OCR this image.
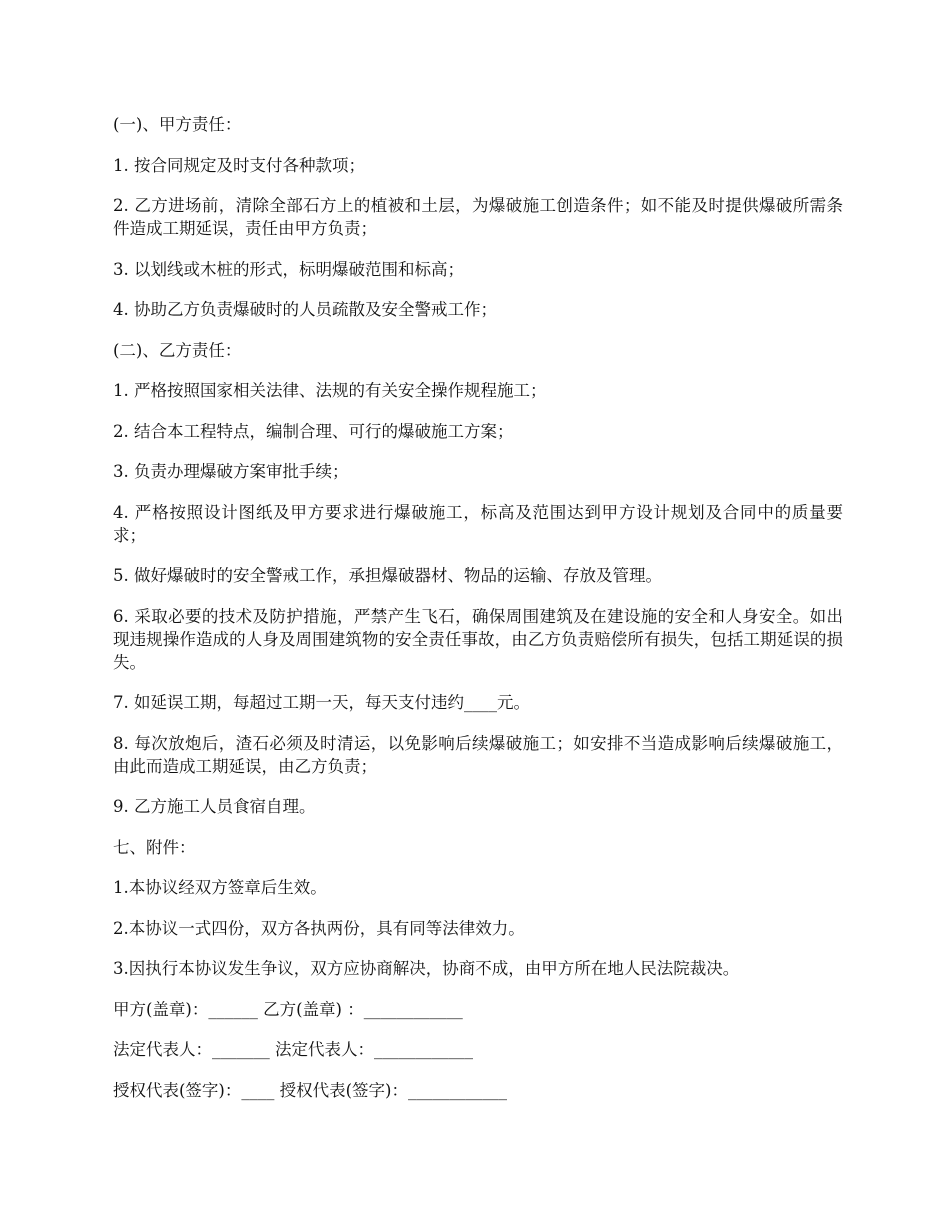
(一)、甲方责任：

1. 按合同规定及时支付各种款项；

2. 乙方进场前，清除全部石方上的植被和土层，为爆破施工创造条件；如不能及时提供爆破所需条件造成工期延误，责任由甲方负责；

3. 以划线或木桩的形式，标明爆破范围和标高；

4. 协助乙方负责爆破时的人员疏散及安全警戒工作；

(二)、乙方责任：

1. 严格按照国家相关法律、法规的有关安全操作规程施工；

2. 结合本工程特点，编制合理、可行的爆破施工方案；

3. 负责办理爆破方案审批手续；

4. 严格按照设计图纸及甲方要求进行爆破施工，标高及范围达到甲方设计规划及合同中的质量要求；

5. 做好爆破时的安全警戒工作，承担爆破器材、物品的运输、存放及管理。

6. 采取必要的技术及防护措施，严禁产生飞石，确保周围建筑及在建设施的安全和人身安全。如出现违规操作造成的人身及周围建筑物的安全责任事故，由乙方负责赔偿所有损失，包括工期延误的损失。

7. 如延误工期，每超过工期一天，每天支付违约____元。

8. 每次放炮后，渣石必须及时清运，以免影响后续爆破施工；如安排不当造成影响后续爆破施工，由此而造成工期延误，由乙方负责；

9. 乙方施工人员食宿自理。

七、附件：

1.本协议经双方签章后生效。

2.本协议一式四份，双方各执两份，具有同等法律效力。

3.因执行本协议发生争议，双方应协商解决，协商不成，由甲方所在地人民法院裁决。

甲方(盖章)：______ 乙方(盖章) ：____________

法定代表人：_______ 法定代表人：____________

授权代表(签字)：____ 授权代表(签字)：____________
